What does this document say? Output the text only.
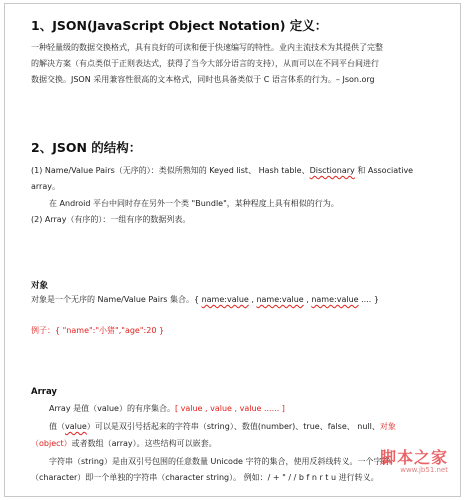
1、JSON(JavaScript Object Notation) 定义：
一种轻量级的数据交换格式，具有良好的可读和便于快速编写的特性。业内主流技术为其提供了完整
的解决方案（有点类似于正则表达式，获得了当今大部分语言的支持），从而可以在不同平台间进行
数据交换。JSON 采用兼容性很高的文本格式，同时也具备类似于 C 语言体系的行为。– Json.org
2、JSON 的结构：
(1) Name/Value Pairs（无序的）：类似所熟知的 Keyed list、 Hash table、Disctionary 和 Associative
array。
在 Android 平台中同时存在另外一个类 "Bundle"，某种程度上具有相似的行为。
(2) Array（有序的）：一组有序的数据列表。
对象
对象是一个无序的 Name/Value Pairs 集合。{ name:value , name:value , name:value .... }
例子：{ "name":"小猪","age":20 }
Array
Array 是值（value）的有序集合。[ value , value , value ...... ]
值（value）可以是双引号括起来的字符串（string）、数值(number)、true、false、 null、对象
（object）或者数组（array）。这些结构可以嵌套。
字符串（string）是由双引号包围的任意数量 Unicode 字符的集合，使用反斜线转义。一个字符
（character）即一个单独的字符串（character string）。 例如：/ + " / / b f n r t u 进行转义。
脚本之家
www.jb51.net
